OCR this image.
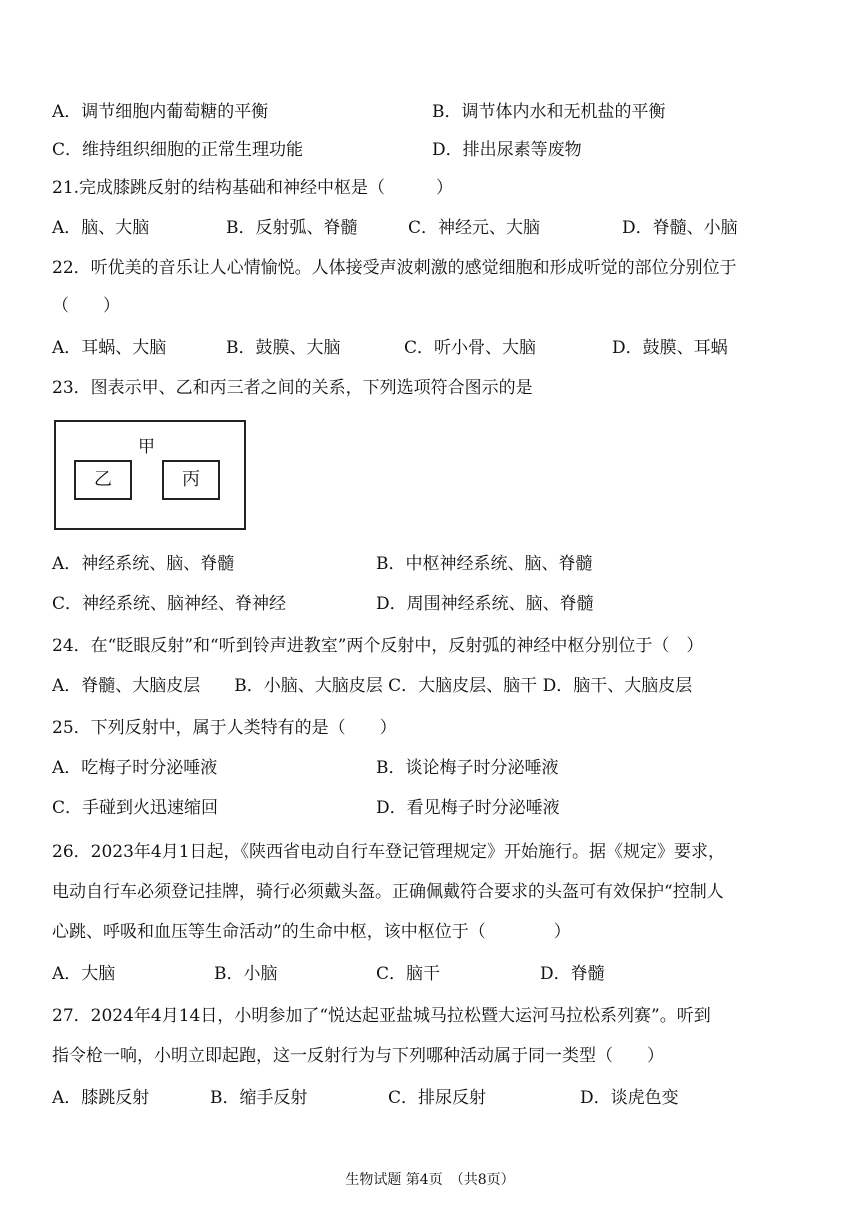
A．调节细胞内葡萄糖的平衡	B．调节体内水和无机盐的平衡
C．维持组织细胞的正常生理功能	D．排出尿素等废物
21.完成膝跳反射的结构基础和神经中枢是（　　　）
A．脑、大脑	B．反射弧、脊髓	C．神经元、大脑	D．脊髓、小脑
22．听优美的音乐让人心情愉悦。人体接受声波刺激的感觉细胞和形成听觉的部位分别位于
（　　）
A．耳蜗、大脑	B．鼓膜、大脑	C．听小骨、大脑	D．鼓膜、耳蜗
23．图表示甲、乙和丙三者之间的关系，下列选项符合图示的是
甲
乙	丙
A．神经系统、脑、脊髓	B．中枢神经系统、脑、脊髓
C．神经系统、脑神经、脊神经	D．周围神经系统、脑、脊髓
24．在“眨眼反射”和“听到铃声进教室”两个反射中，反射弧的神经中枢分别位于（　）
A．脊髓、大脑皮层　　B．小脑、大脑皮层 C．大脑皮层、脑干 D．脑干、大脑皮层
25．下列反射中，属于人类特有的是（　　）
A．吃梅子时分泌唾液	B．谈论梅子时分泌唾液
C．手碰到火迅速缩回	D．看见梅子时分泌唾液
26．2023年4月1日起，《陕西省电动自行车登记管理规定》开始施行。据《规定》要求，
电动自行车必须登记挂牌，骑行必须戴头盔。正确佩戴符合要求的头盔可有效保护“控制人
心跳、呼吸和血压等生命活动”的生命中枢，该中枢位于（　　　　）
A．大脑	B．小脑	C．脑干	D．脊髓
27．2024年4月14日，小明参加了“悦达起亚盐城马拉松暨大运河马拉松系列赛”。听到
指令枪一响，小明立即起跑，这一反射行为与下列哪种活动属于同一类型（　　）
A．膝跳反射	B．缩手反射	C．排尿反射	D．谈虎色变
生物试题 第4页　（共8页）
